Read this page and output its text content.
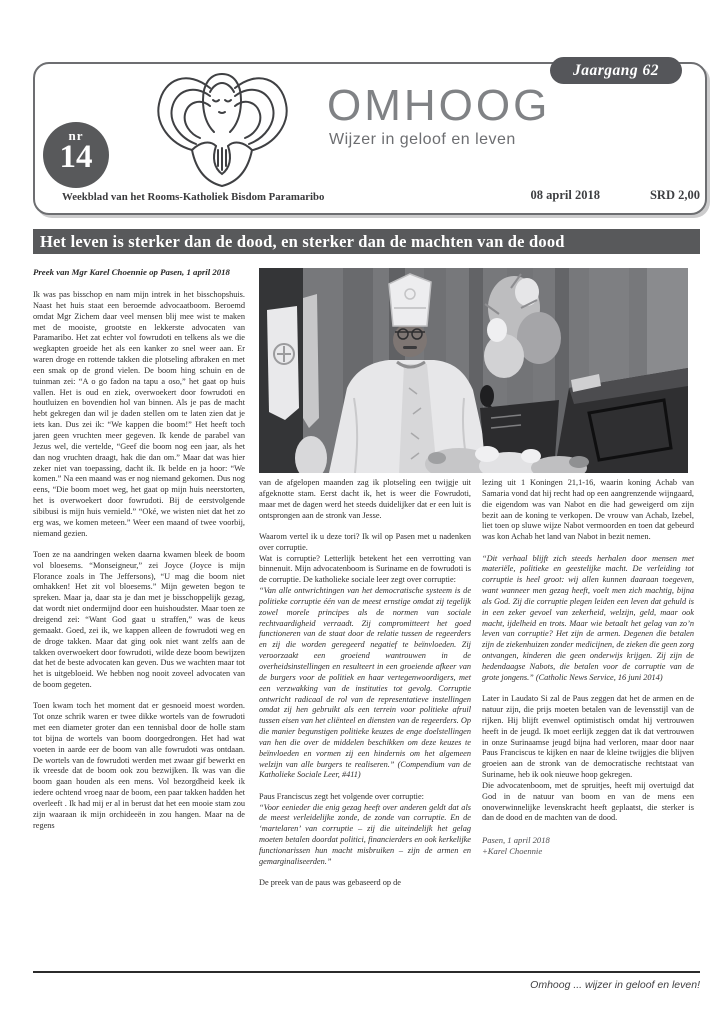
Jaargang 62
nr
14
OMHOOG
Wijzer in geloof en leven
Weekblad van het Rooms-Katholiek Bisdom Paramaribo	08 april 2018	SRD 2,00
Het leven is sterker dan de dood, en sterker dan de machten van de dood
Preek van Mgr Karel Choennie op Pasen, 1 april 2018

Ik was pas bisschop en nam mijn intrek in het bisschopshuis. Naast het huis staat een beroemde advocaatboom. Beroemd omdat Mgr Zichem daar veel mensen blij mee wist te maken met de mooiste, grootste en lekkerste advocaten van Paramaribo. Het zat echter vol fowrudoti en telkens als we die wegkapten groeide het als een kanker zo snel weer aan. Er waren droge en rottende takken die plotseling afbraken en met een smak op de grond vielen. De boom hing schuin en de tuinman zei: “A o go fadon na tapu a oso,” het gaat op huis vallen. Het is oud en ziek, overwoekert door fowrudoti en houtluizen en bovendien hol van binnen. Als je pas de macht hebt gekregen dan wil je daden stellen om te laten zien dat je iets kan. Dus zei ik: “We kappen die boom!” Het heeft toch jaren geen vruchten meer gegeven. Ik kende de parabel van Jezus wel, die vertelde, “Geef die boom nog een jaar, als het dan nog vruchten draagt, hak die dan om.” Maar dat was hier zeker niet van toepassing, dacht ik. Ik belde en ja hoor: “We komen.” Na een maand was er nog niemand gekomen. Dus nog eens, “Die boom moet weg, het gaat op mijn huis neerstorten, het is overwoekert door fowrudoti. Bij de eerstvolgende sibibusi is mijn huis vernield.” “Oké, we wisten niet dat het zo erg was, we komen meteen.” Weer een maand of twee voorbij, niemand gezien.

Toen ze na aandringen weken daarna kwamen bleek de boom vol bloesems. “Monseigneur,” zei Joyce (Joyce is mijn Florance zoals in The Jeffersons), “U mag die boom niet omhakken! Het zit vol bloesems.” Mijn geweten begon te spreken. Maar ja, daar sta je dan met je bisschoppelijk gezag, dat wordt niet ondermijnd door een huishoudster. Maar toen ze dreigend zei: “Want God gaat u straffen,” was de keus gemaakt. Goed, zei ik, we kappen alleen de fowrudoti weg en de droge takken. Maar dat ging ook niet want zelfs aan de takken overwoekert door fowrudoti, wilde deze boom bewijzen dat het de beste advocaten kan geven. Dus we wachten maar tot het is uitgebloeid. We hebben nog nooit zoveel advocaten van de boom gegeten.

Toen kwam toch het moment dat er gesnoeid moest worden. Tot onze schrik waren er twee dikke wortels van de fowrudoti met een diameter groter dan een tennisbal door de holle stam tot bijna de wortels van boom doorgedrongen. Het had wat voeten in aarde eer de boom van alle fowrudoti was ontdaan. De wortels van de fowrudoti werden met zwaar gif bewerkt en ik vreesde dat de boom ook zou bezwijken. Ik was van die boom gaan houden als een mens. Vol bezorgdheid keek ik iedere ochtend vroeg naar de boom, een paar takken hadden het overleeft . Ik had mij er al in berust dat het een mooie stam zou zijn waaraan ik mijn orchideeën in zou hangen. Maar na de regens

van de afgelopen maanden zag ik plotseling een twijgje uit afgeknotte stam. Eerst dacht ik, het is weer die Fowrudoti, maar met de dagen werd het steeds duidelijker dat er een luit is ontsprongen aan de stronk van Jesse.

Waarom vertel ik u deze tori? Ik wil op Pasen met u nadenken over corruptie.

Wat is corruptie? Letterlijk betekent het een verrotting van binnenuit. Mijn advocatenboom is Suriname en de fowrudoti is de corruptie. De katholieke sociale leer zegt over corruptie:

“Van alle ontwrichtingen van het democratische systeem is de politieke corruptie één van de meest ernstige omdat zij tegelijk zowel morele principes als de normen van sociale rechtvaardigheid verraadt. Zij compromitteert het goed functioneren van de staat door de relatie tussen de regeerders en zij die worden geregeerd negatief te beïnvloeden. Zij veroorzaakt een groeiend wantrouwen in de overheidsinstellingen en resulteert in een groeiende afkeer van de burgers voor de politiek en haar vertegenwoordigers, met een verzwakking van de instituties tot gevolg. Corruptie ontwricht radicaal de rol van de representatieve instellingen omdat zij hen gebruikt als een terrein voor politieke afruil tussen eisen van het cliënteel en diensten van de regeerders. Op die manier begunstigen politieke keuzes de enge doelstellingen van hen die over de middelen beschikken om deze keuzes te beïnvloeden en vormen zij een hindernis om het algemeen welzijn van alle burgers te realiseren.” (Compendium van de Katholieke Sociale Leer, #411)

Paus Franciscus zegt het volgende over corruptie:

“Voor eenieder die enig gezag heeft over anderen geldt dat als de meest verleidelijke zonde, de zonde van corruptie. En de ‘martelaren’ van corruptie – zij die uiteindelijk het gelag moeten betalen doordat politici, financierders en ook kerkelijke functionarissen hun macht misbruiken – zijn de armen en gemarginaliseerden.”

De preek van de paus was gebaseerd op de

lezing uit 1 Koningen 21,1-16, waarin koning Achab van Samaria vond dat hij recht had op een aangrenzende wijngaard, die eigendom was van Nabot en die had geweigerd om zijn bezit aan de koning te verkopen. De vrouw van Achab, Izebel, liet toen op sluwe wijze Nabot vermoorden en toen dat gebeurd was kon Achab het land van Nabot in bezit nemen.

“Dit verhaal blijft zich steeds herhalen door mensen met materiële, politieke en geestelijke macht. De verleiding tot corruptie is heel groot: wij allen kunnen daaraan toegeven, want wanneer men gezag heeft, voelt men zich machtig, bijna als God. Zij die corruptie plegen leiden een leven dat gehuld is in een zeker gevoel van zekerheid, welzijn, geld, maar ook macht, ijdelheid en trots. Maar wie betaalt het gelag van zo’n leven van corruptie? Het zijn de armen. Degenen die betalen zijn de ziekenhuizen zonder medicijnen, de zieken die geen zorg ontvangen, kinderen die geen onderwijs krijgen. Zij zijn de hedendaagse Nabots, die betalen voor de corruptie van de grote jongens.” (Catholic News Service, 16 juni 2014)

Later in Laudato Si zal de Paus zeggen dat het de armen en de natuur zijn, die prijs moeten betalen van de levensstijl van de rijken. Hij blijft evenwel optimistisch omdat hij vertrouwen heeft in de jeugd. Ik moet eerlijk zeggen dat ik dat vertrouwen in onze Surinaamse jeugd bijna had verloren, maar door naar Paus Franciscus te kijken en naar de kleine twijgjes die blijven groeien aan de stronk van de democratische rechtstaat van Suriname, heb ik ook nieuwe hoop gekregen.

Die advocatenboom, met de spruitjes, heeft mij overtuigd dat God in de natuur van boom en van de mens een onoverwinnelijke levenskracht heeft geplaatst, die sterker is dan de dood en de machten van de dood.

Pasen, 1 april 2018

+Karel Choennie

Omhoog ... wijzer in geloof en leven!
